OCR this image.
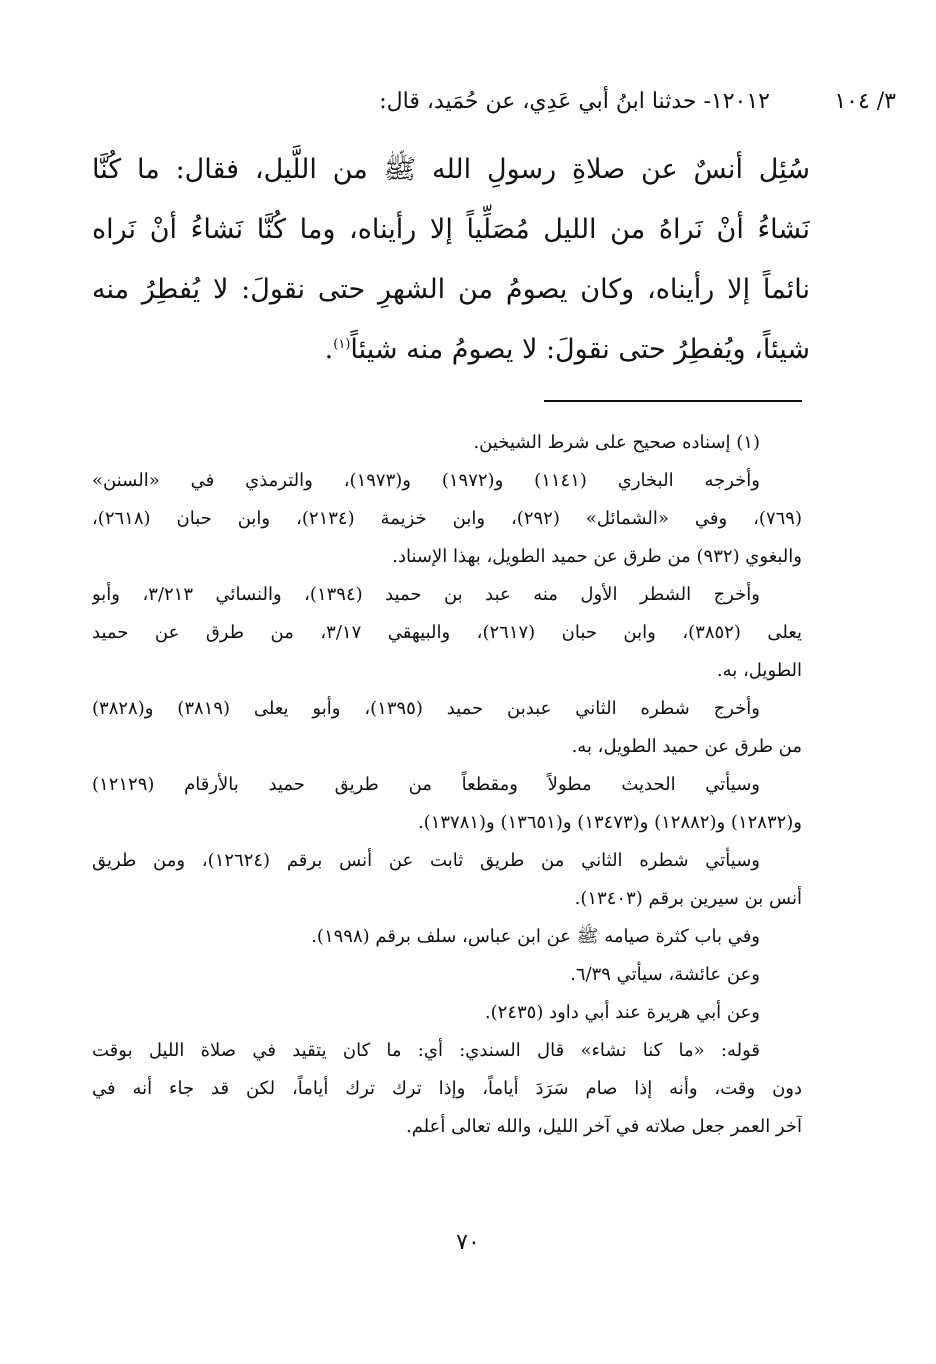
٣/ ١٠٤
١٢٠١٢- حدثنا ابنُ أبي عَدِي، عن حُمَيد، قال:
سُئِل أنسٌ عن صلاةِ رسولِ الله ﷺ من اللَّيل، فقال: ما كُنَّا
نَشاءُ أنْ نَراهُ من الليل مُصَلِّياً إلا رأيناه، وما كُنَّا نَشاءُ أنْ نَراه
نائماً إلا رأيناه، وكان يصومُ من الشهرِ حتى نقولَ: لا يُفطِرُ منه
شيئاً، ويُفطِرُ حتى نقولَ: لا يصومُ منه شيئاً$^{(١)}$.
(١) إسناده صحيح على شرط الشيخين.
وأخرجه البخاري (١١٤١) و(١٩٧٢) و(١٩٧٣)، والترمذي في «السنن»
(٧٦٩)، وفي «الشمائل» (٢٩٢)، وابن خزيمة (٢١٣٤)، وابن حبان (٢٦١٨)،
والبغوي (٩٣٢) من طرق عن حميد الطويل، بهذا الإسناد.
وأخرج الشطر الأول منه عبد بن حميد (١٣٩٤)، والنسائي ٣/٢١٣، وأبو
يعلى (٣٨٥٢)، وابن حبان (٢٦١٧)، والبيهقي ٣/١٧، من طرق عن حميد
الطويل، به.
وأخرج شطره الثاني عبدبن حميد (١٣٩٥)، وأبو يعلى (٣٨١٩) و(٣٨٢٨)
من طرق عن حميد الطويل، به.
وسيأتي الحديث مطولاً ومقطعاً من طريق حميد بالأرقام (١٢١٢٩)
و(١٢٨٣٢) و(١٢٨٨٢) و(١٣٤٧٣) و(١٣٦٥١) و(١٣٧٨١).
وسيأتي شطره الثاني من طريق ثابت عن أنس برقم (١٢٦٢٤)، ومن طريق
أنس بن سيرين برقم (١٣٤٠٣).
وفي باب كثرة صيامه ﷺ عن ابن عباس، سلف برقم (١٩٩٨).
وعن عائشة، سيأتي ٦/٣٩.
وعن أبي هريرة عند أبي داود (٢٤٣٥).
قوله: «ما كنا نشاء» قال السندي: أي: ما كان يتقيد في صلاة الليل بوقت
دون وقت، وأنه إذا صام سَرَدَ أياماً، وإذا ترك ترك أياماً، لكن قد جاء أنه في
آخر العمر جعل صلاته في آخر الليل، والله تعالى أعلم.
٧٠
